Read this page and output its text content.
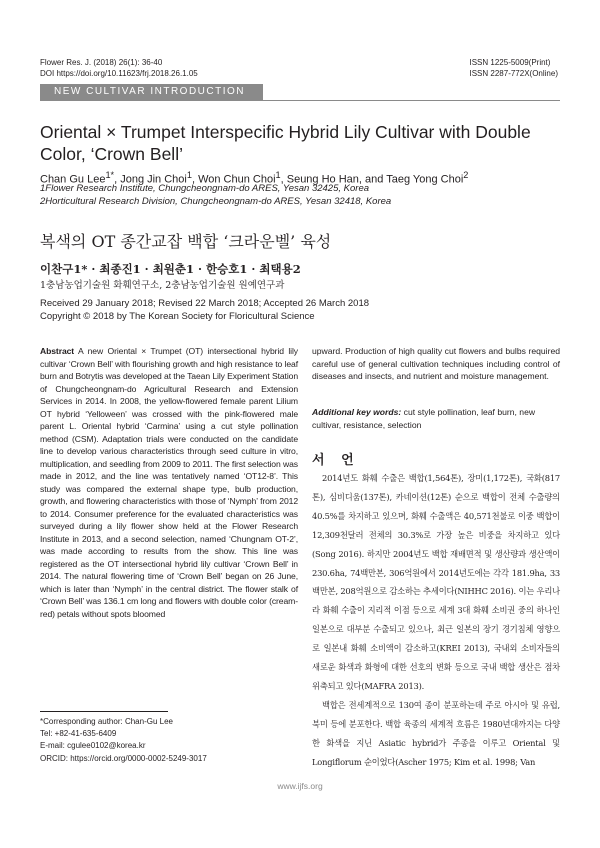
Flower Res. J. (2018) 26(1): 36-40
DOI https://doi.org/10.11623/frj.2018.26.1.05
ISSN 1225-5009(Print)
ISSN 2287-772X(Online)
NEW CULTIVAR INTRODUCTION
Oriental × Trumpet Interspecific Hybrid Lily Cultivar with Double Color, ‘Crown Bell’
Chan Gu Lee$^{1*}$, Jong Jin Choi$^1$, Won Chun Choi$^1$, Seung Ho Han, and Taeg Yong Choi$^2$
1Flower Research Institute, Chungcheongnam-do ARES, Yesan 32425, Korea
2Horticultural Research Division, Chungcheongnam-do ARES, Yesan 32418, Korea
복색의 OT 종간교잡 백합 ‘크라운벨’ 육성
이찬구1* · 최종진1 · 최원춘1 · 한승호1 · 최택용2
1충남농업기술원 화훼연구소, 2충남농업기술원 원예연구과
Received 29 January 2018; Revised 22 March 2018; Accepted 26 March 2018
Copyright © 2018 by The Korean Society for Floricultural Science
Abstract A new Oriental × Trumpet (OT) intersectional hybrid lily cultivar ‘Crown Bell’ with flourishing growth and high resistance to leaf burn and Botrytis was developed at the Taean Lily Experiment Station of Chungcheongnam-do Agricultural Research and Extension Services in 2014. In 2008, the yellow-flowered female parent Lilium OT hybrid ‘Yelloween’ was crossed with the pink-flowered male parent L. Oriental hybrid ‘Carmina’ using a cut style pollination method (CSM). Adaptation trials were conducted on the candidate line to develop various characteristics through seed culture in vitro, multiplication, and seedling from 2009 to 2011. The first selection was made in 2012, and the line was tentatively named ‘OT12-8’. This study was compared the external shape type, bulb production, growth, and flowering characteristics with those of ‘Nymph’ from 2012 to 2014. Consumer preference for the evaluated characteristics was surveyed during a lily flower show held at the Flower Research Institute in 2013, and a second selection, named ‘Chungnam OT-2’, was made according to results from the show. This line was registered as the OT intersectional hybrid lily cultivar ‘Crown Bell’ in 2014. The natural flowering time of ‘Crown Bell’ began on 26 June, which is later than ‘Nymph’ in the central district. The flower stalk of ‘Crown Bell’ was 136.1 cm long and flowers with double color (cream-red) petals without spots bloomed
upward. Production of high quality cut flowers and bulbs required careful use of general cultivation techniques including control of diseases and insects, and nutrient and moisture management.
Additional key words: cut style pollination, leaf burn, new cultivar, resistance, selection
서 언

2014년도 화훼 수출은 백합(1,564톤), 장미(1,172톤), 국화(817톤), 심비디움(137톤), 카네이션(12톤) 순으로 백합이 전체 수출량의 40.5%를 차지하고 있으며, 화훼 수출액은 40,571천불로 이중 백합이 12,309천달러 전체의 30.3%로 가장 높은 비중을 차지하고 있다(Song 2016). 하지만 2004년도 백합 재배면적 및 생산량과 생산액이 230.6ha, 74백만본, 306억원에서 2014년도에는 각각 181.9ha, 33백만본, 208억원으로 감소하는 추세이다(NIHHC 2016). 이는 우리나라 화훼 수출이 지리적 이점 등으로 세계 3대 화훼 소비권 중의 하나인 일본으로 대부분 수출되고 있으나, 최근 일본의 장기 경기침체 영향으로 일본내 화훼 소비액이 감소하고(KREI 2013), 국내외 소비자들의 새로운 화색과 화형에 대한 선호의 변화 등으로 국내 백합 생산은 점차 위축되고 있다(MAFRA 2013).

백합은 전세계적으로 130여 종이 분포하는데 주로 아시아 및 유럽, 북미 등에 분포한다. 백합 육종의 세계적 흐름은 1980년대까지는 다양한 화색을 지닌 Asiatic hybrid가 주종을 이루고 Oriental 및 Longiflorum 순이었다(Ascher 1975; Kim et al. 1998; Van

*Corresponding author: Chan-Gu Lee
Tel: +82-41-635-6409
E-mail: cgulee0102@korea.kr
ORCID: https://orcid.org/0000-0002-5249-3017
www.ijfs.org
